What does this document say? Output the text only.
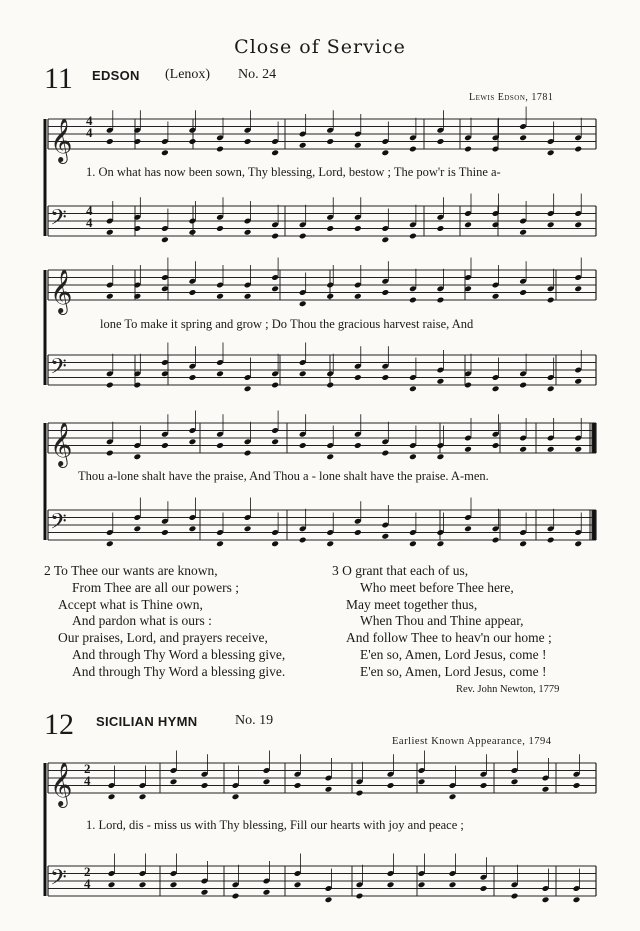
Close of Service
11 EDSON (Lenox) No. 24
Lewis Edson, 1781
𝄞
𝄢
𝄞
𝄢
𝄞
𝄢
𝄞
𝄢
4
4
4
4
2
4
2
4
1. On what has now been sown, Thy blessing, Lord, bestow ; The pow'r is Thine a-
lone To make it spring and grow ; Do Thou the gracious harvest raise, And
Thou a-lone shalt have the praise, And Thou a - lone shalt have the praise. A-men.
2 To Thee our wants are known,
From Thee are all our powers ;
Accept what is Thine own,
And pardon what is ours :
Our praises, Lord, and prayers receive,
And through Thy Word a blessing give,
And through Thy Word a blessing give.
3 O grant that each of us,
Who meet before Thee here,
May meet together thus,
When Thou and Thine appear,
And follow Thee to heav'n our home ;
E'en so, Amen, Lord Jesus, come !
E'en so, Amen, Lord Jesus, come !
Rev. John Newton, 1779
12 SICILIAN HYMN	No. 19
Earliest Known Appearance, 1794
1. Lord, dis - miss us with Thy blessing, Fill our hearts with joy and peace ;
